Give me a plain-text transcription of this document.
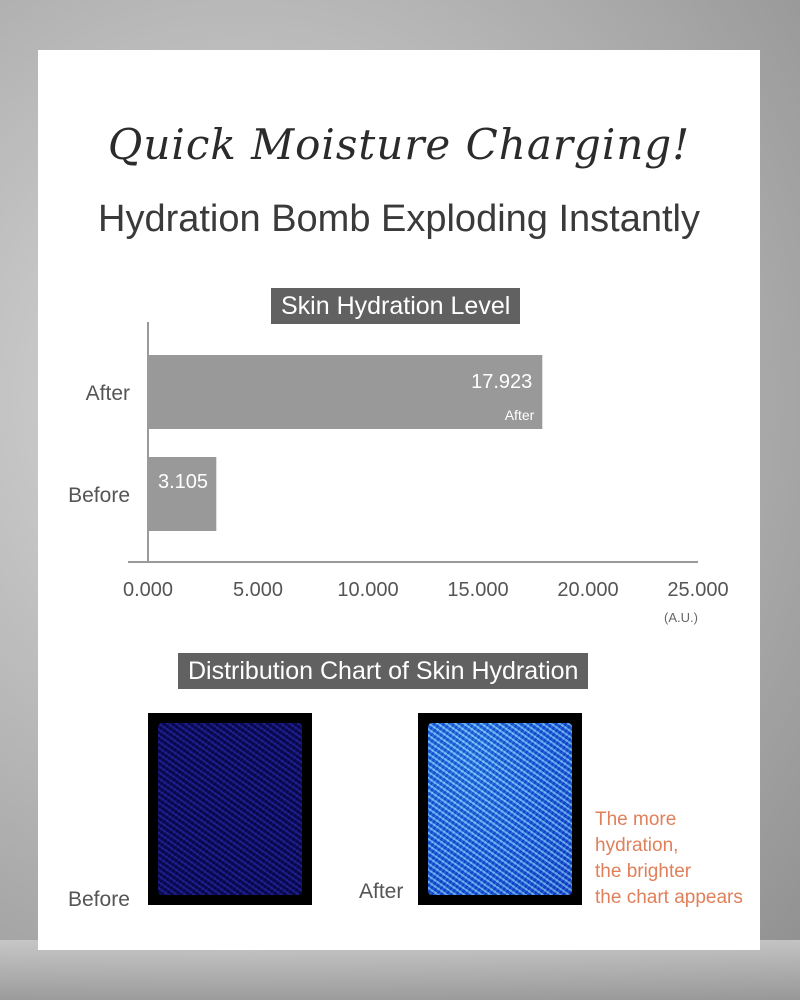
Quick Moisture Charging!
Hydration Bomb Exploding Instantly
Skin Hydration Level
After	17.923
After
Before
3.105
0.000	5.000	10.000 15.000 20.000 25.000
(A.U.)
Distribution Chart of Skin Hydration
Before	After
The more
hydration,
the brighter
the chart appears
